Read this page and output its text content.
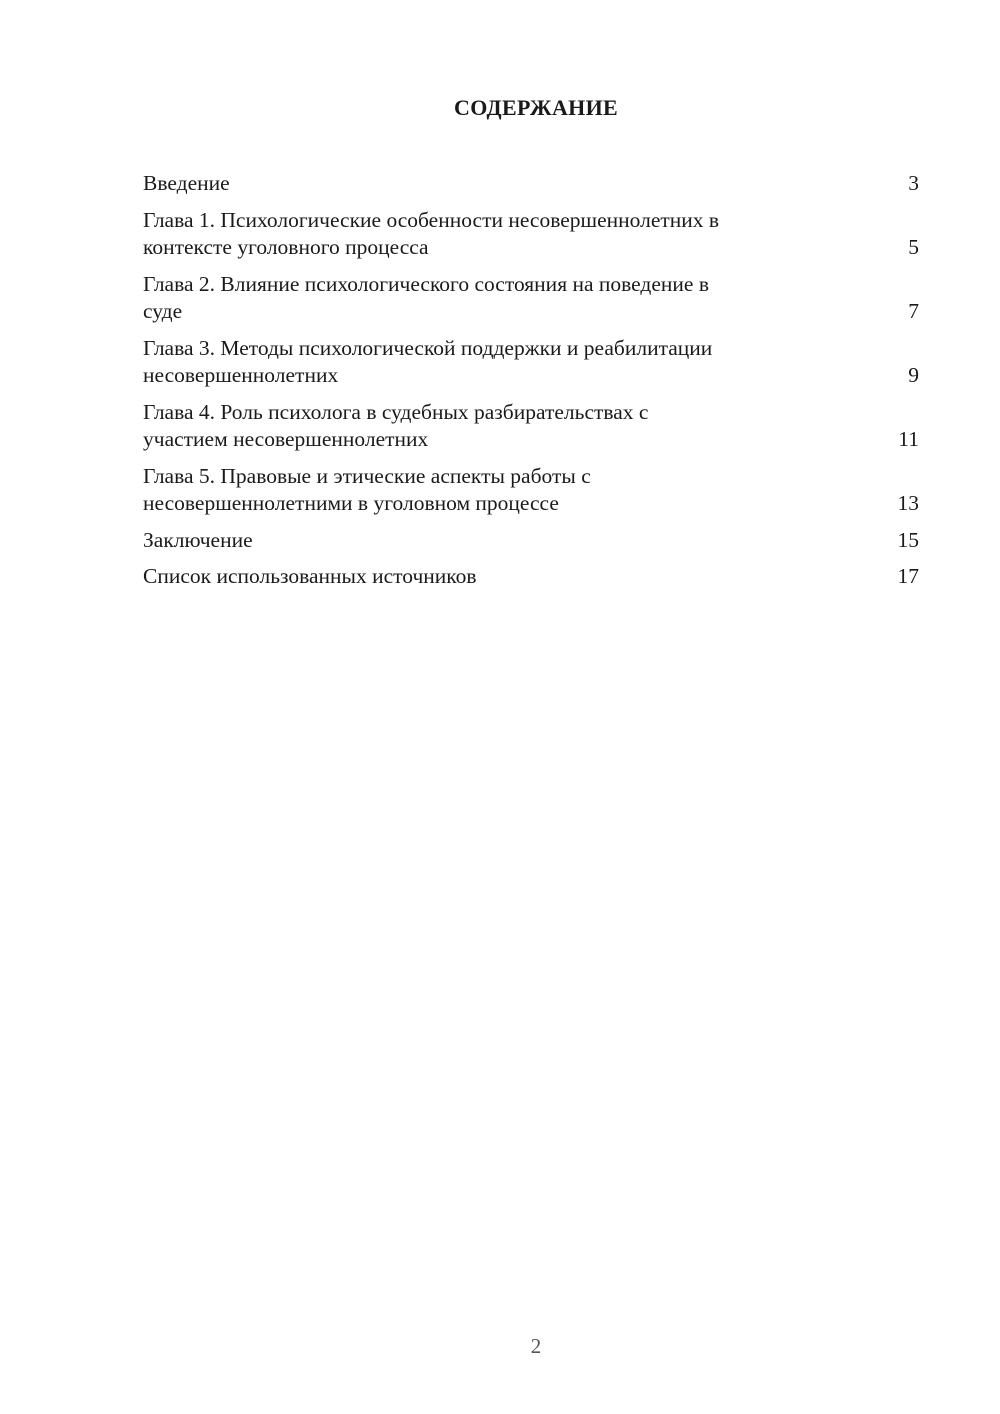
СОДЕРЖАНИЕ
Введение	3
Глава 1. Психологические особенности несовершеннолетних в
контексте уголовного процесса	5
Глава 2. Влияние психологического состояния на поведение в
суде	7
Глава 3. Методы психологической поддержки и реабилитации
несовершеннолетних	9
Глава 4. Роль психолога в судебных разбирательствах с
участием несовершеннолетних	11
Глава 5. Правовые и этические аспекты работы с
несовершеннолетними в уголовном процессе	13
Заключение	15
Список использованных источников	17
2
